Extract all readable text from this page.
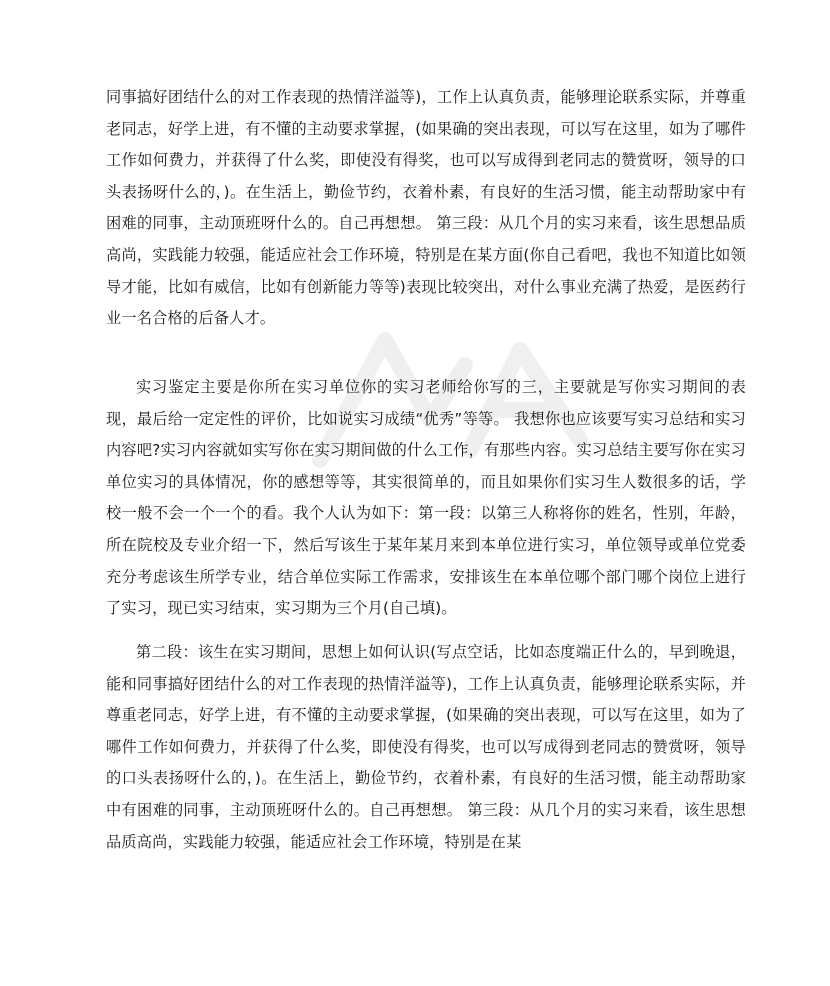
同事搞好团结什么的对工作表现的热情洋溢等)，工作上认真负责，能够理论联系实际，并尊重老同志，好学上进，有不懂的主动要求掌握，(如果确的突出表现，可以写在这里，如为了哪件工作如何费力，并获得了什么奖，即使没有得奖，也可以写成得到老同志的赞赏呀，领导的口头表扬呀什么的，)。在生活上，勤俭节约，衣着朴素，有良好的生活习惯，能主动帮助家中有困难的同事，主动顶班呀什么的。自己再想想。 第三段：从几个月的实习来看，该生思想品质高尚，实践能力较强，能适应社会工作环境，特别是在某方面(你自己看吧，我也不知道比如领导才能，比如有威信，比如有创新能力等等)表现比较突出，对什么事业充满了热爱，是医药行业一名合格的后备人才。

实习鉴定主要是你所在实习单位你的实习老师给你写的三，主要就是写你实习期间的表现，最后给一定定性的评价，比如说实习成绩“优秀”等等。 我想你也应该要写实习总结和实习内容吧?实习内容就如实写你在实习期间做的什么工作，有那些内容。实习总结主要写你在实习单位实习的具体情况，你的感想等等，其实很简单的，而且如果你们实习生人数很多的话，学校一般不会一个一个的看。我个人认为如下：第一段：以第三人称将你的姓名，性别，年龄，所在院校及专业介绍一下，然后写该生于某年某月来到本单位进行实习，单位领导或单位党委充分考虑该生所学专业，结合单位实际工作需求，安排该生在本单位哪个部门哪个岗位上进行了实习，现已实习结束，实习期为三个月(自己填)。

第二段：该生在实习期间，思想上如何认识(写点空话，比如态度端正什么的，早到晚退，能和同事搞好团结什么的对工作表现的热情洋溢等)，工作上认真负责，能够理论联系实际，并尊重老同志，好学上进，有不懂的主动要求掌握，(如果确的突出表现，可以写在这里，如为了哪件工作如何费力，并获得了什么奖，即使没有得奖，也可以写成得到老同志的赞赏呀，领导的口头表扬呀什么的，)。在生活上，勤俭节约，衣着朴素，有良好的生活习惯，能主动帮助家中有困难的同事，主动顶班呀什么的。自己再想想。 第三段：从几个月的实习来看，该生思想品质高尚，实践能力较强，能适应社会工作环境，特别是在某
